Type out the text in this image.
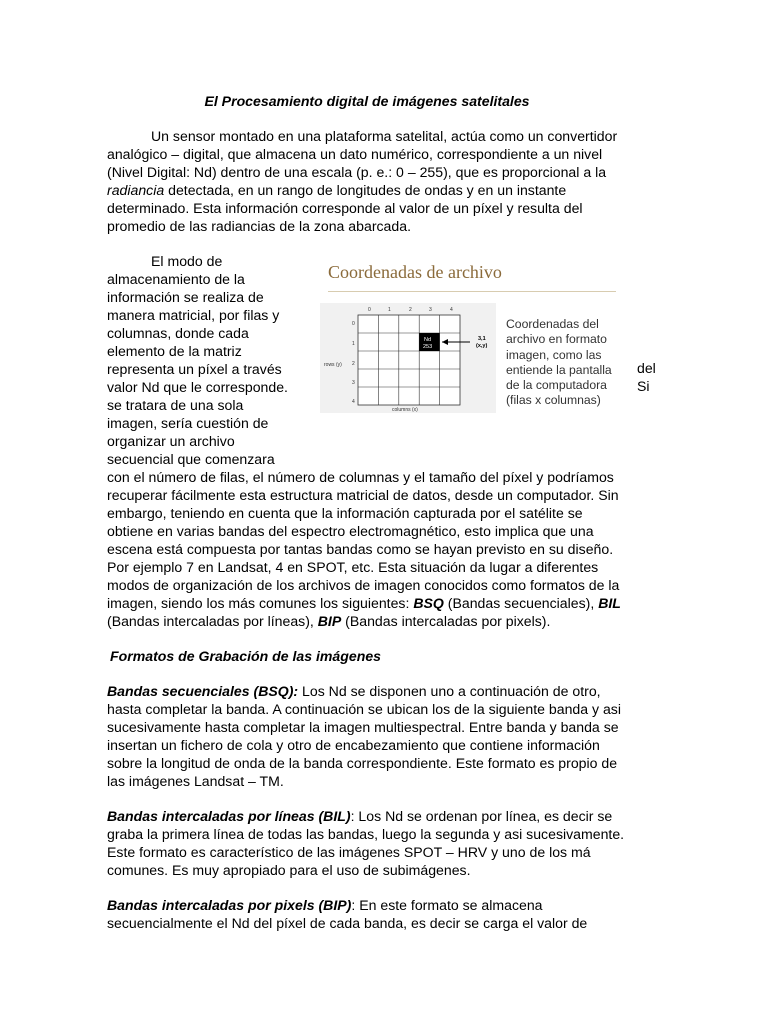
El Procesamiento digital de imágenes satelitales

Un sensor montado en una plataforma satelital, actúa como un convertidor analógico – digital, que almacena un dato numérico, correspondiente a un nivel (Nivel Digital: Nd) dentro de una escala (p. e.: 0 – 255), que es proporcional a la radiancia detectada, en un rango de longitudes de ondas y en un instante determinado. Esta información corresponde al valor de un píxel y resulta del promedio de las radiancias de la zona abarcada.

El modo de
almacenamiento de la
información se realiza de
manera matricial, por filas y
columnas, donde cada
elemento de la matriz
representa un píxel a través
valor Nd que le corresponde.
se tratara de una sola
imagen, sería cuestión de
organizar un archivo
secuencial que comenzara
Coordenadas de archivo
0	1	2	3	4
0
1
2
3
4
rows (y)
columns (x)
Nd
253
3,1
(x,y)
Coordenadas del
archivo en formato
imagen, como las
entiende la pantalla
de la computadora
(filas x columnas)
del
Si

con el número de filas, el número de columnas y el tamaño del píxel y podríamos recuperar fácilmente esta estructura matricial de datos, desde un computador. Sin embargo, teniendo en cuenta que la información capturada por el satélite se obtiene en varias bandas del espectro electromagnético, esto implica que una escena está compuesta por tantas bandas como se hayan previsto en su diseño. Por ejemplo 7 en Landsat, 4 en SPOT, etc. Esta situación da lugar a diferentes modos de organización de los archivos de imagen conocidos como formatos de la imagen, siendo los más comunes los siguientes: BSQ (Bandas secuenciales), BIL (Bandas intercaladas por líneas), BIP (Bandas intercaladas por pixels).

Formatos de Grabación de las imágenes

Bandas secuenciales (BSQ): Los Nd se disponen uno a continuación de otro, hasta completar la banda. A continuación se ubican los de la siguiente banda y asi sucesivamente hasta completar la imagen multiespectral. Entre banda y banda se insertan un fichero de cola y otro de encabezamiento que contiene información sobre la longitud de onda de la banda correspondiente. Este formato es propio de las imágenes Landsat – TM.

Bandas intercaladas por líneas (BIL): Los Nd se ordenan por línea, es decir se graba la primera línea de todas las bandas, luego la segunda y asi sucesivamente. Este formato es característico de las imágenes SPOT – HRV y uno de los má comunes. Es muy apropiado para el uso de subimágenes.

Bandas intercaladas por pixels (BIP): En este formato se almacena secuencialmente el Nd del píxel de cada banda, es decir se carga el valor de
